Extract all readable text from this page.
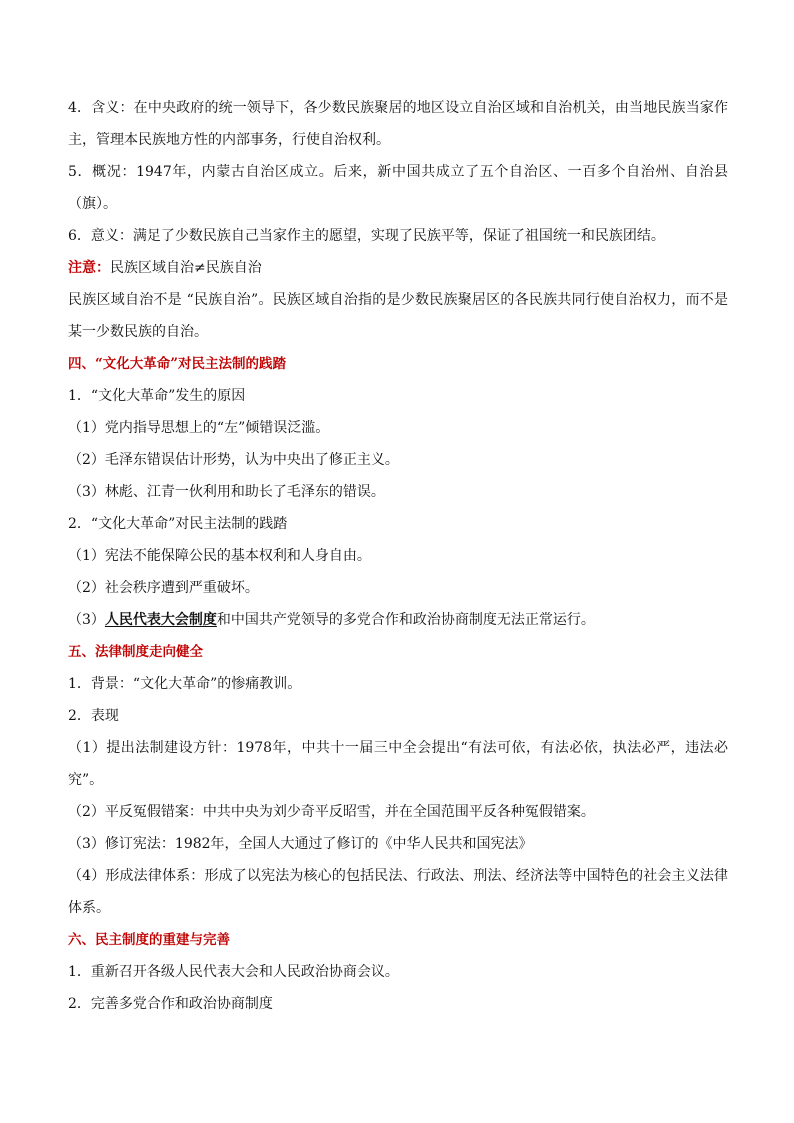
4．含义：在中央政府的统一领导下，各少数民族聚居的地区设立自治区域和自治机关，由当地民族当家作
主，管理本民族地方性的内部事务，行使自治权利。
5．概况：1947年，内蒙古自治区成立。后来，新中国共成立了五个自治区、一百多个自治州、自治县
（旗）。
6．意义：满足了少数民族自己当家作主的愿望，实现了民族平等，保证了祖国统一和民族团结。
注意：民族区域自治≠民族自治
民族区域自治不是 “民族自治”。民族区域自治指的是少数民族聚居区的各民族共同行使自治权力，而不是
某一少数民族的自治。
四、“文化大革命”对民主法制的践踏
1．“文化大革命”发生的原因
（1）党内指导思想上的“左”倾错误泛滥。
（2）毛泽东错误估计形势，认为中央出了修正主义。
（3）林彪、江青一伙利用和助长了毛泽东的错误。
2．“文化大革命”对民主法制的践踏
（1）宪法不能保障公民的基本权利和人身自由。
（2）社会秩序遭到严重破坏。
（3）人民代表大会制度和中国共产党领导的多党合作和政治协商制度无法正常运行。
五、法律制度走向健全
1．背景：“文化大革命”的惨痛教训。
2．表现
（1）提出法制建设方针：1978年，中共十一届三中全会提出“有法可依，有法必依，执法必严，违法必
究”。
（2）平反冤假错案：中共中央为刘少奇平反昭雪，并在全国范围平反各种冤假错案。
（3）修订宪法：1982年，全国人大通过了修订的《中华人民共和国宪法》
（4）形成法律体系：形成了以宪法为核心的包括民法、行政法、刑法、经济法等中国特色的社会主义法律
体系。
六、民主制度的重建与完善
1．重新召开各级人民代表大会和人民政治协商会议。
2．完善多党合作和政治协商制度
